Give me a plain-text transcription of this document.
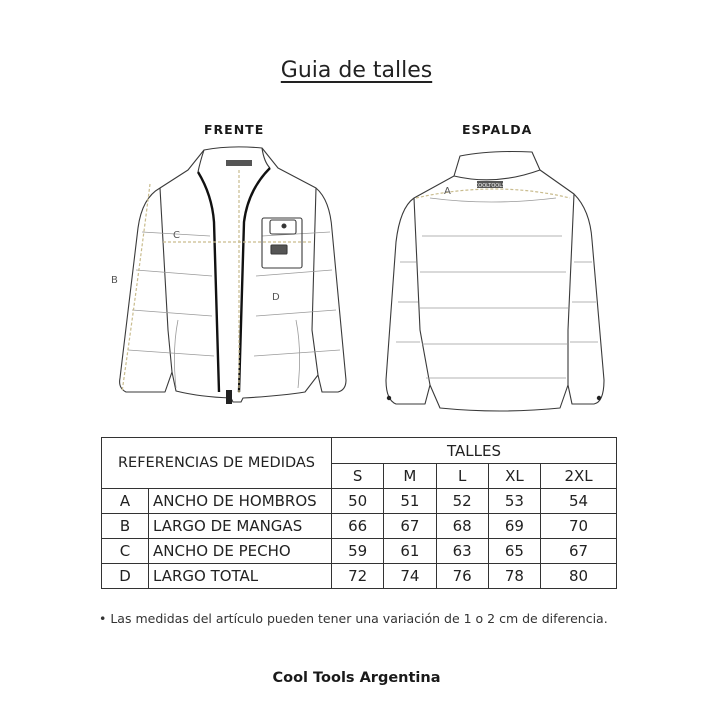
Guia de talles
FRENTE	ESPALDA
B
C
D
COOLTOOLS
A
REFERENCIAS DE MEDIDAS		TALLES				
		S	M	L	XL	2XL
A	ANCHO DE HOMBROS	50	51	52	53	54
B	LARGO DE MANGAS	66	67	68	69	70
C	ANCHO DE PECHO	59	61	63	65	67
D	LARGO TOTAL	72	74	76	78	80
• Las medidas del artículo pueden tener una variación de 1 o 2 cm de diferencia.
Cool Tools Argentina
